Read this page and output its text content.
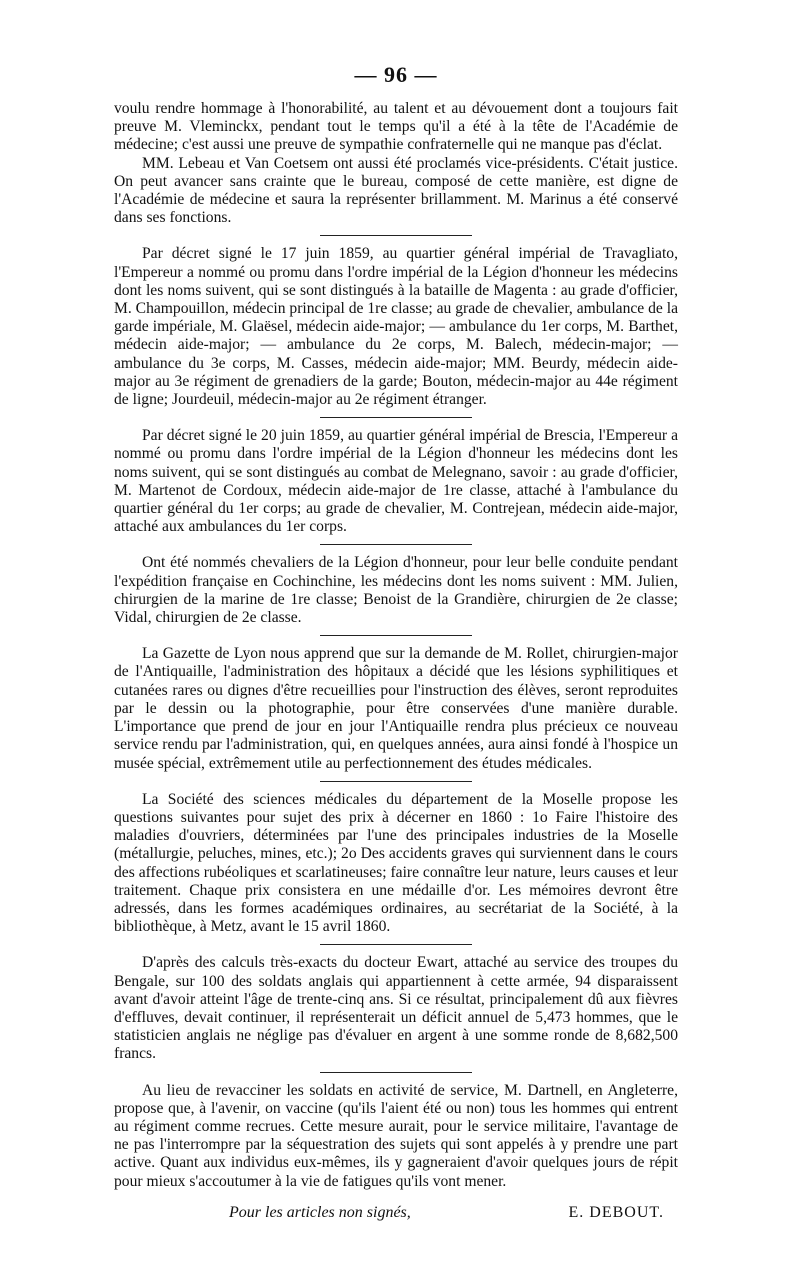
— 96 —

voulu rendre hommage à l'honorabilité, au talent et au dévouement dont a toujours fait preuve M. Vleminckx, pendant tout le temps qu'il a été à la tête de l'Académie de médecine; c'est aussi une preuve de sympathie confraternelle qui ne manque pas d'éclat.

MM. Lebeau et Van Coetsem ont aussi été proclamés vice-présidents. C'était justice. On peut avancer sans crainte que le bureau, composé de cette manière, est digne de l'Académie de médecine et saura la représenter brillamment. M. Marinus a été conservé dans ses fonctions.

Par décret signé le 17 juin 1859, au quartier général impérial de Travagliato, l'Empereur a nommé ou promu dans l'ordre impérial de la Légion d'honneur les médecins dont les noms suivent, qui se sont distingués à la bataille de Magenta : au grade d'officier, M. Champouillon, médecin principal de 1re classe; au grade de chevalier, ambulance de la garde impériale, M. Glaësel, médecin aide-major; — ambulance du 1er corps, M. Barthet, médecin aide-major; — ambulance du 2e corps, M. Balech, médecin-major; — ambulance du 3e corps, M. Casses, médecin aide-major; MM. Beurdy, médecin aide-major au 3e régiment de grenadiers de la garde; Bouton, médecin-major au 44e régiment de ligne; Jourdeuil, médecin-major au 2e régiment étranger.

Par décret signé le 20 juin 1859, au quartier général impérial de Brescia, l'Empereur a nommé ou promu dans l'ordre impérial de la Légion d'honneur les médecins dont les noms suivent, qui se sont distingués au combat de Melegnano, savoir : au grade d'officier, M. Martenot de Cordoux, médecin aide-major de 1re classe, attaché à l'ambulance du quartier général du 1er corps; au grade de chevalier, M. Contrejean, médecin aide-major, attaché aux ambulances du 1er corps.

Ont été nommés chevaliers de la Légion d'honneur, pour leur belle conduite pendant l'expédition française en Cochinchine, les médecins dont les noms suivent : MM. Julien, chirurgien de la marine de 1re classe; Benoist de la Grandière, chirurgien de 2e classe; Vidal, chirurgien de 2e classe.

La Gazette de Lyon nous apprend que sur la demande de M. Rollet, chirurgien-major de l'Antiquaille, l'administration des hôpitaux a décidé que les lésions syphilitiques et cutanées rares ou dignes d'être recueillies pour l'instruction des élèves, seront reproduites par le dessin ou la photographie, pour être conservées d'une manière durable. L'importance que prend de jour en jour l'Antiquaille rendra plus précieux ce nouveau service rendu par l'administration, qui, en quelques années, aura ainsi fondé à l'hospice un musée spécial, extrêmement utile au perfectionnement des études médicales.

La Société des sciences médicales du département de la Moselle propose les questions suivantes pour sujet des prix à décerner en 1860 : 1o Faire l'histoire des maladies d'ouvriers, déterminées par l'une des principales industries de la Moselle (métallurgie, peluches, mines, etc.); 2o Des accidents graves qui surviennent dans le cours des affections rubéoliques et scarlatineuses; faire connaître leur nature, leurs causes et leur traitement. Chaque prix consistera en une médaille d'or. Les mémoires devront être adressés, dans les formes académiques ordinaires, au secrétariat de la Société, à la bibliothèque, à Metz, avant le 15 avril 1860.

D'après des calculs très-exacts du docteur Ewart, attaché au service des troupes du Bengale, sur 100 des soldats anglais qui appartiennent à cette armée, 94 disparaissent avant d'avoir atteint l'âge de trente-cinq ans. Si ce résultat, principalement dû aux fièvres d'effluves, devait continuer, il représenterait un déficit annuel de 5,473 hommes, que le statisticien anglais ne néglige pas d'évaluer en argent à une somme ronde de 8,682,500 francs.

Au lieu de revacciner les soldats en activité de service, M. Dartnell, en Angleterre, propose que, à l'avenir, on vaccine (qu'ils l'aient été ou non) tous les hommes qui entrent au régiment comme recrues. Cette mesure aurait, pour le service militaire, l'avantage de ne pas l'interrompre par la séquestration des sujets qui sont appelés à y prendre une part active. Quant aux individus eux-mêmes, ils y gagneraient d'avoir quelques jours de répit pour mieux s'accoutumer à la vie de fatigues qu'ils vont mener.

Pour les articles non signés,	E. DEBOUT.
